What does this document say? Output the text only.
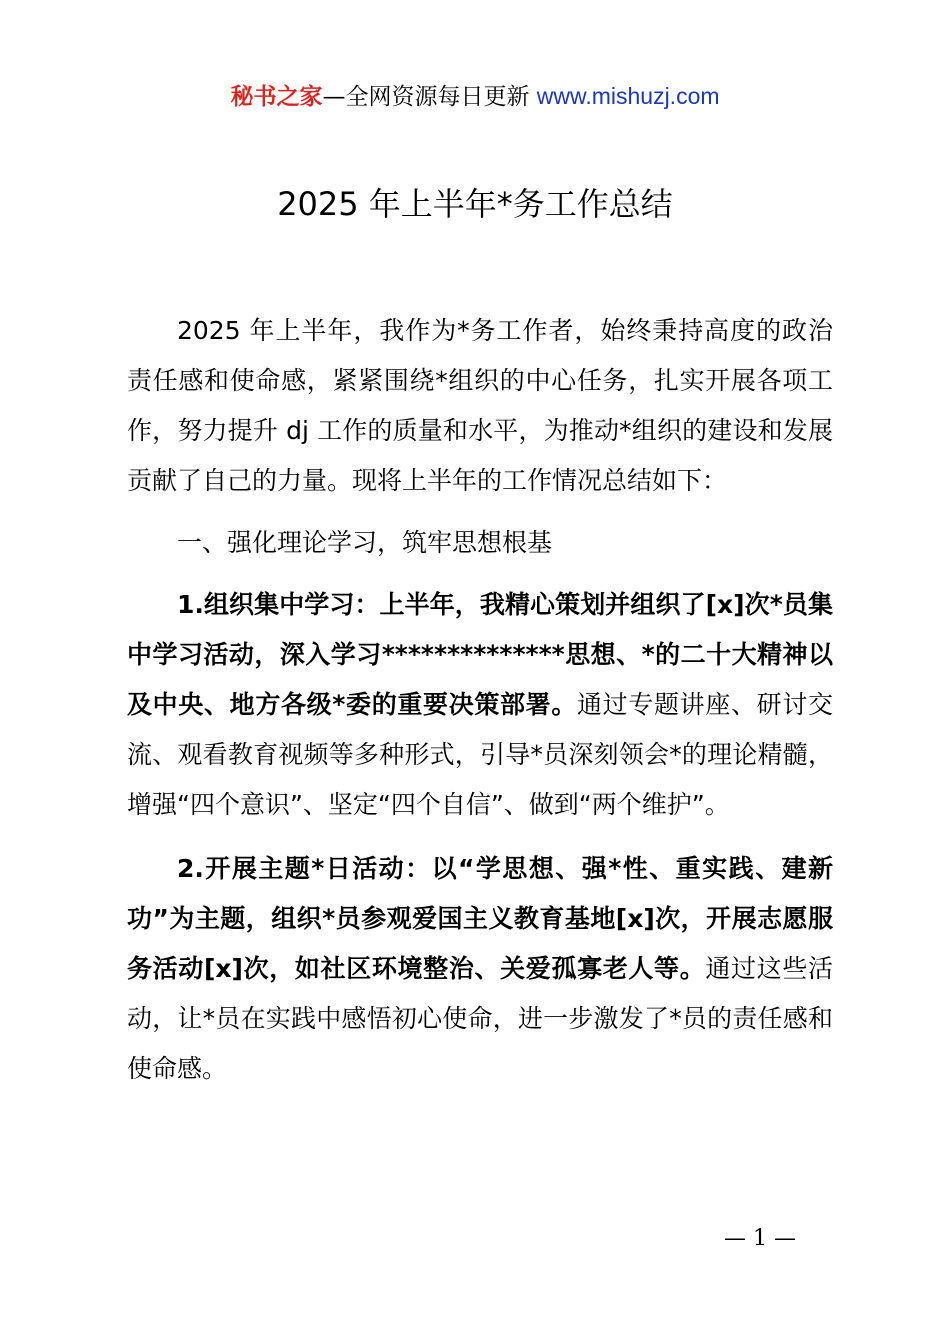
秘书之家—全网资源每日更新 www.mishuzj.com
2025 年上半年*务工作总结

2025 年上半年，我作为*务工作者，始终秉持高度的政治责任感和使命感，紧紧围绕*组织的中心任务，扎实开展各项工作，努力提升 dj 工作的质量和水平，为推动*组织的建设和发展贡献了自己的力量。现将上半年的工作情况总结如下：

一、强化理论学习，筑牢思想根基

1.组织集中学习：上半年，我精心策划并组织了[x]次*员集中学习活动，深入学习**************思想、*的二十大精神以及中央、地方各级*委的重要决策部署。通过专题讲座、研讨交流、观看教育视频等多种形式，引导*员深刻领会*的理论精髓，增强“四个意识”、坚定“四个自信”、做到“两个维护”。

2.开展主题*日活动：以“学思想、强*性、重实践、建新功”为主题，组织*员参观爱国主义教育基地[x]次，开展志愿服务活动[x]次，如社区环境整治、关爱孤寡老人等。通过这些活动，让*员在实践中感悟初心使命，进一步激发了*员的责任感和使命感。

— 1 —
